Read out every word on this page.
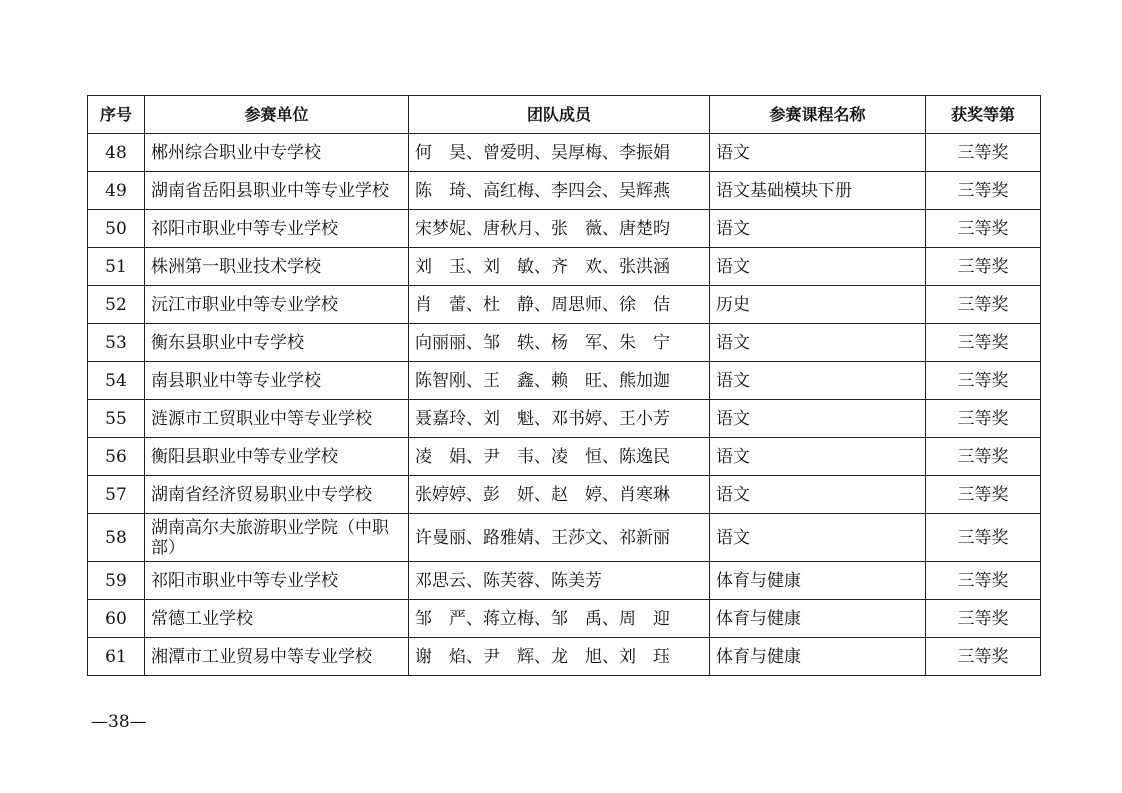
序号	参赛单位	团队成员	参赛课程名称	获奖等第
48	郴州综合职业中专学校	何　昊、曾爱明、吴厚梅、李振娟	语文	三等奖
49	湖南省岳阳县职业中等专业学校	陈　琦、高红梅、李四会、吴辉燕	语文基础模块下册	三等奖
50	祁阳市职业中等专业学校	宋梦妮、唐秋月、张　薇、唐楚昀	语文	三等奖
51	株洲第一职业技术学校	刘　玉、刘　敏、齐　欢、张洪涵	语文	三等奖
52	沅江市职业中等专业学校	肖　蕾、杜　静、周思师、徐　佶	历史	三等奖
53	衡东县职业中专学校	向丽丽、邹　轶、杨　军、朱　宁	语文	三等奖
54	南县职业中等专业学校	陈智刚、王　鑫、赖　旺、熊加迦	语文	三等奖
55	涟源市工贸职业中等专业学校	聂嘉玲、刘　魁、邓书婷、王小芳	语文	三等奖
56	衡阳县职业中等专业学校	凌　娟、尹　韦、凌　恒、陈逸民	语文	三等奖
57	湖南省经济贸易职业中专学校	张婷婷、彭　妍、赵　婷、肖寒琳	语文	三等奖
58	湖南高尔夫旅游职业学院（中职部）	许曼丽、路雅婧、王莎文、祁新丽	语文	三等奖
59	祁阳市职业中等专业学校	邓思云、陈芙蓉、陈美芳	体育与健康	三等奖
60	常德工业学校	邹　严、蒋立梅、邹　禹、周　迎	体育与健康	三等奖
61	湘潭市工业贸易中等专业学校	谢　焰、尹　辉、龙　旭、刘　珏	体育与健康	三等奖
—38—
